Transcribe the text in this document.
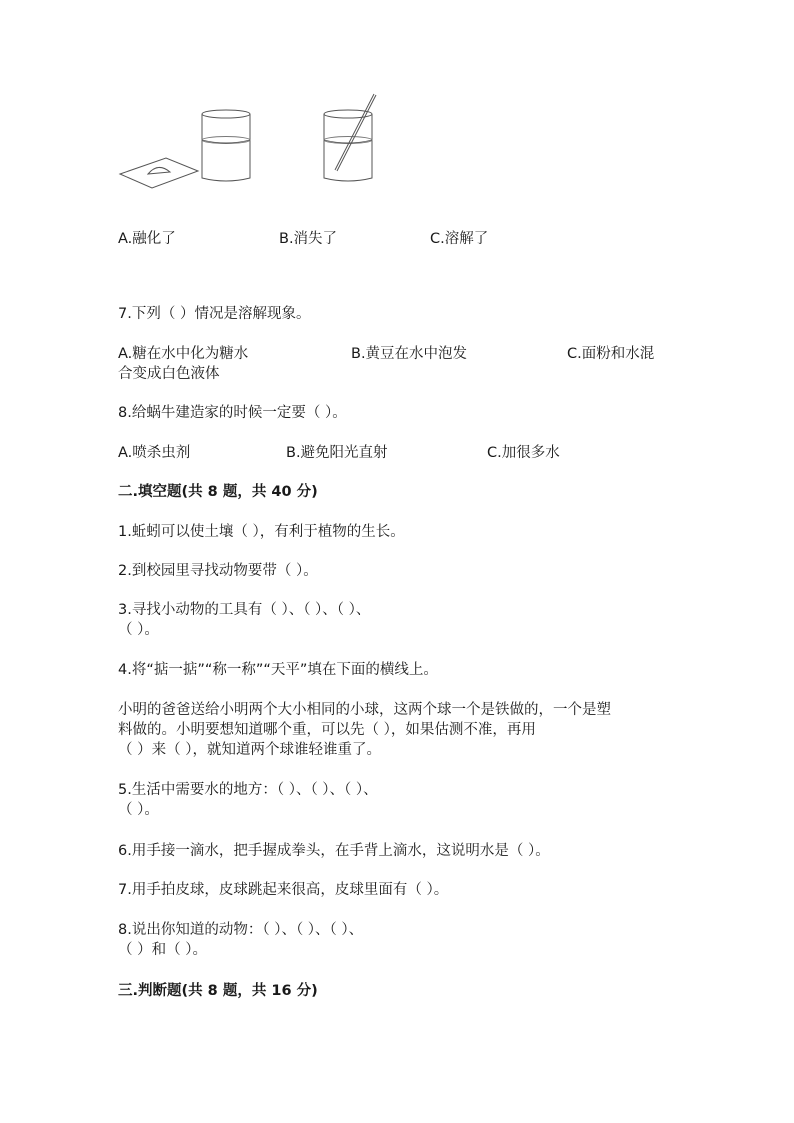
A.融化了	B.消失了	C.溶解了
7.下列（ ）情况是溶解现象。
A.糖在水中化为糖水	B.黄豆在水中泡发	C.面粉和水混
合变成白色液体
8.给蜗牛建造家的时候一定要（ ）。
A.喷杀虫剂	B.避免阳光直射	C.加很多水
二.填空题(共 8 题，共 40 分)
1.蚯蚓可以使土壤（ ），有利于植物的生长。
2.到校园里寻找动物要带（ ）。
3.寻找小动物的工具有（ ）、（ ）、（ ）、
（ ）。
4.将“掂一掂”“称一称”“天平”填在下面的横线上。
小明的爸爸送给小明两个大小相同的小球，这两个球一个是铁做的，一个是塑
料做的。小明要想知道哪个重，可以先（ ），如果估测不准，再用
（ ）来（ ），就知道两个球谁轻谁重了。
5.生活中需要水的地方：（ ）、（ ）、（ ）、
（ ）。
6.用手接一滴水，把手握成拳头，在手背上滴水，这说明水是（ ）。
7.用手拍皮球，皮球跳起来很高，皮球里面有（ ）。
8.说出你知道的动物：（ ）、（ ）、（ ）、
（ ）和（ ）。
三.判断题(共 8 题，共 16 分)
